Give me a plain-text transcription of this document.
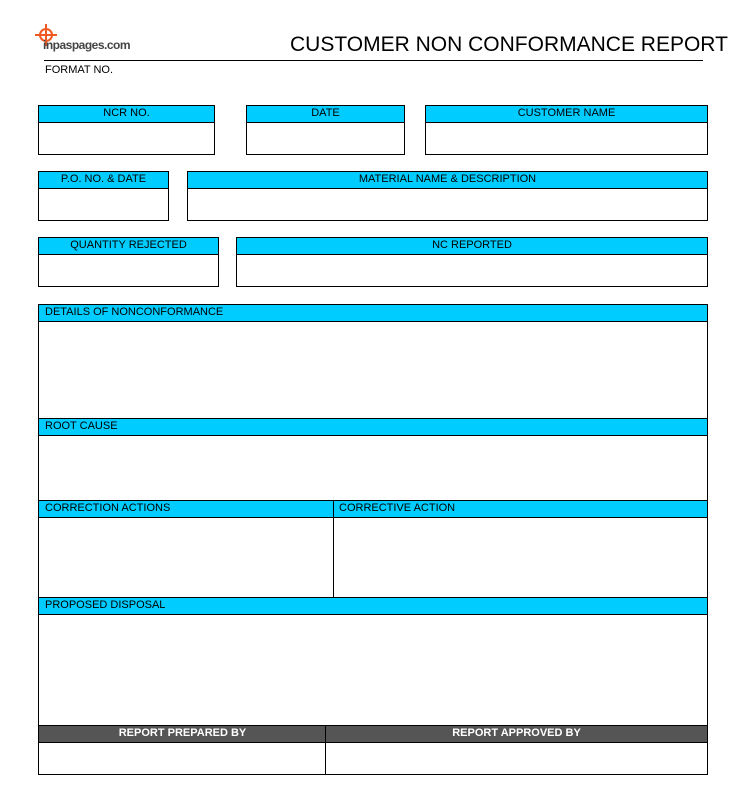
inpaspages.com	CUSTOMER NON CONFORMANCE REPORT
FORMAT NO.
NCR NO.	DATE	CUSTOMER NAME
P.O. NO. & DATE	MATERIAL NAME & DESCRIPTION
QUANTITY REJECTED	NC REPORTED
DETAILS OF NONCONFORMANCE
ROOT CAUSE
CORRECTION ACTIONS	CORRECTIVE ACTION
PROPOSED DISPOSAL
REPORT PREPARED BY	REPORT APPROVED BY
